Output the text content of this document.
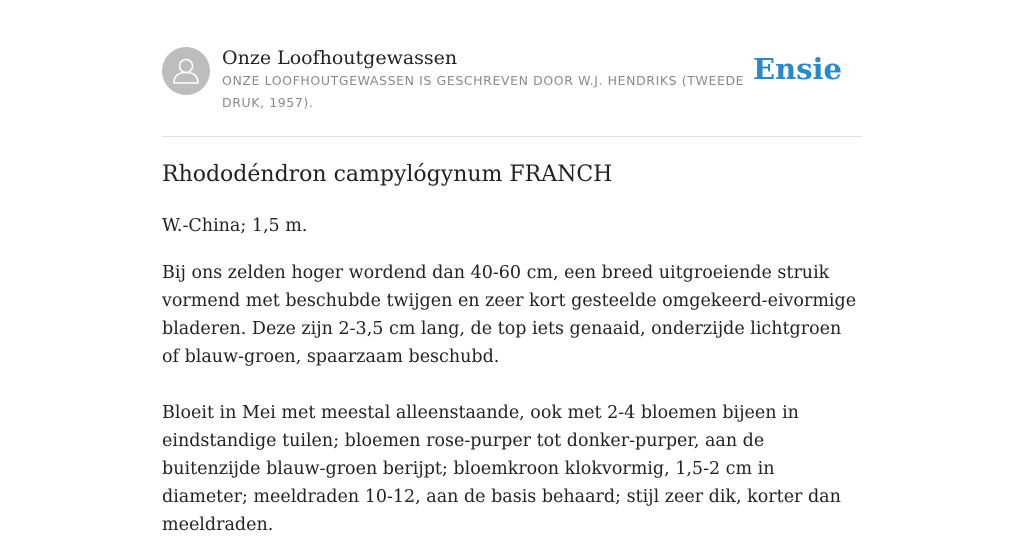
Onze Loofhoutgewassen
ONZE LOOFHOUTGEWASSEN IS GESCHREVEN DOOR W.J. HENDRIKS (TWEEDE DRUK, 1957).
Ensie
Rhododéndron campylógynum FRANCH

W.-China; 1,5 m.

Bij ons zelden hoger wordend dan 40-60 cm, een breed uitgroeiende struik vormend met beschubde twijgen en zeer kort gesteelde omgekeerd-eivormige bladeren. Deze zijn 2-3,5 cm lang, de top iets genaaid, onderzijde lichtgroen of blauw-groen, spaarzaam beschubd.

Bloeit in Mei met meestal alleenstaande, ook met 2-4 bloemen bijeen in eindstandige tuilen; bloemen rose-purper tot donker-purper, aan de buitenzijde blauw-groen berijpt; bloemkroon klokvormig, 1,5-2 cm in diameter; meeldraden 10-12, aan de basis behaard; stijl zeer dik, korter dan meeldraden.
